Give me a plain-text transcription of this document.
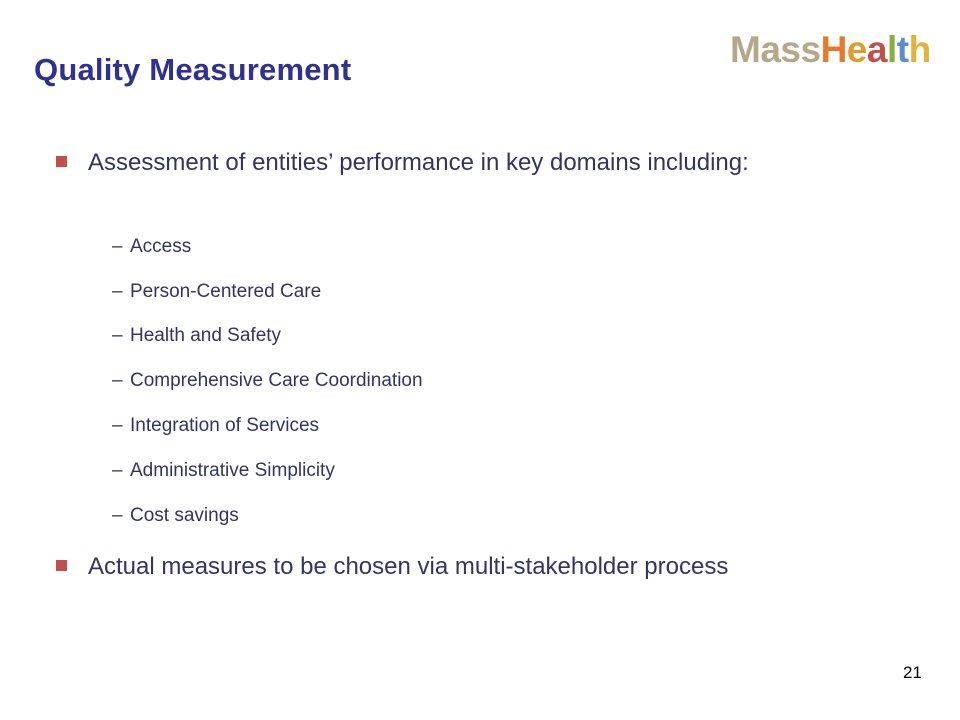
Quality Measurement	MassHealth
Assessment of entities’ performance in key domains including:
– Access
– Person-Centered Care
– Health and Safety
– Comprehensive Care Coordination
– Integration of Services
– Administrative Simplicity
– Cost savings
Actual measures to be chosen via multi-stakeholder process
21
